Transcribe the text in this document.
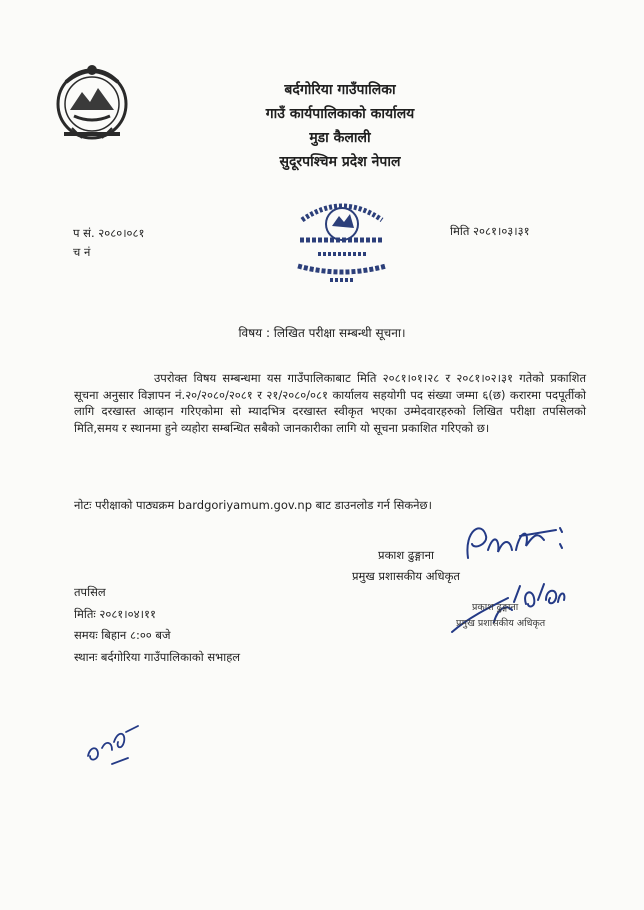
बर्दगोरिया गाउँपालिका
गाउँ कार्यपालिकाको कार्यालय
मुडा कैलाली
सुदूरपश्चिम प्रदेश नेपाल
प सं. २०८०।०८१
च नं
मिति २०८१।०३।३१
विषय : लिखित परीक्षा सम्बन्धी सूचना।
उपरोक्त विषय सम्बन्धमा यस गाउँपालिकाबाट मिति २०८१।०१।२८ र २०८१।०२।३१ गतेको प्रकाशित सूचना अनुसार विज्ञापन नं.२०/२०८०/२०८१ र २१/२०८०/०८१ कार्यालय सहयोगी पद संख्या जम्मा ६(छ) करारमा पदपूर्तीको लागि दरखास्त आव्हान गरिएकोमा सो म्यादभित्र दरखास्त स्वीकृत भएका उम्मेदवारहरुको लिखित परीक्षा तपसिलको मिति,समय र स्थानमा हुने व्यहोरा सम्बन्धित सबैको जानकारीका लागि यो सूचना प्रकाशित गरिएको छ।
नोटः परीक्षाको पाठ्यक्रम bardgoriyamum.gov.np बाट डाउनलोड गर्न सिकनेछ।
प्रकाश ढुङ्गाना
प्रमुख प्रशासकीय अधिकृत
प्रकाश ढुङ्गाना
प्रमुख प्रशासकीय अधिकृत
तपसिल
मितिः २०८१।०४।११
समयः बिहान ८:०० बजे
स्थानः बर्दगोरिया गाउँपालिकाको सभाहल
